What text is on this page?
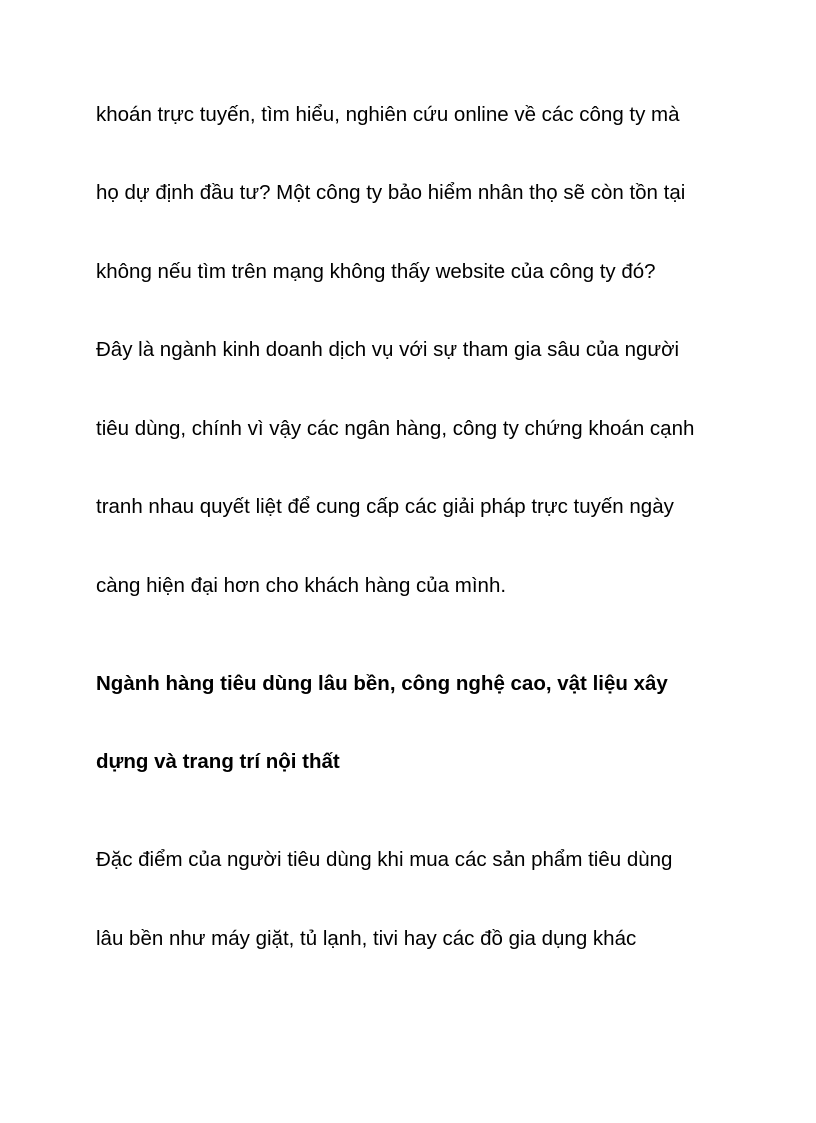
khoán trực tuyến, tìm hiểu, nghiên cứu online về các công ty mà
họ dự định đầu tư? Một công ty bảo hiểm nhân thọ sẽ còn tồn tại
không nếu tìm trên mạng không thấy website của công ty đó?
Đây là ngành kinh doanh dịch vụ với sự tham gia sâu của người
tiêu dùng, chính vì vậy các ngân hàng, công ty chứng khoán cạnh
tranh nhau quyết liệt để cung cấp các giải pháp trực tuyến ngày
càng hiện đại hơn cho khách hàng của mình.
Ngành hàng tiêu dùng lâu bền, công nghệ cao, vật liệu xây
dựng và trang trí nội thất
Đặc điểm của người tiêu dùng khi mua các sản phẩm tiêu dùng
lâu bền như máy giặt, tủ lạnh, tivi hay các đồ gia dụng khác
